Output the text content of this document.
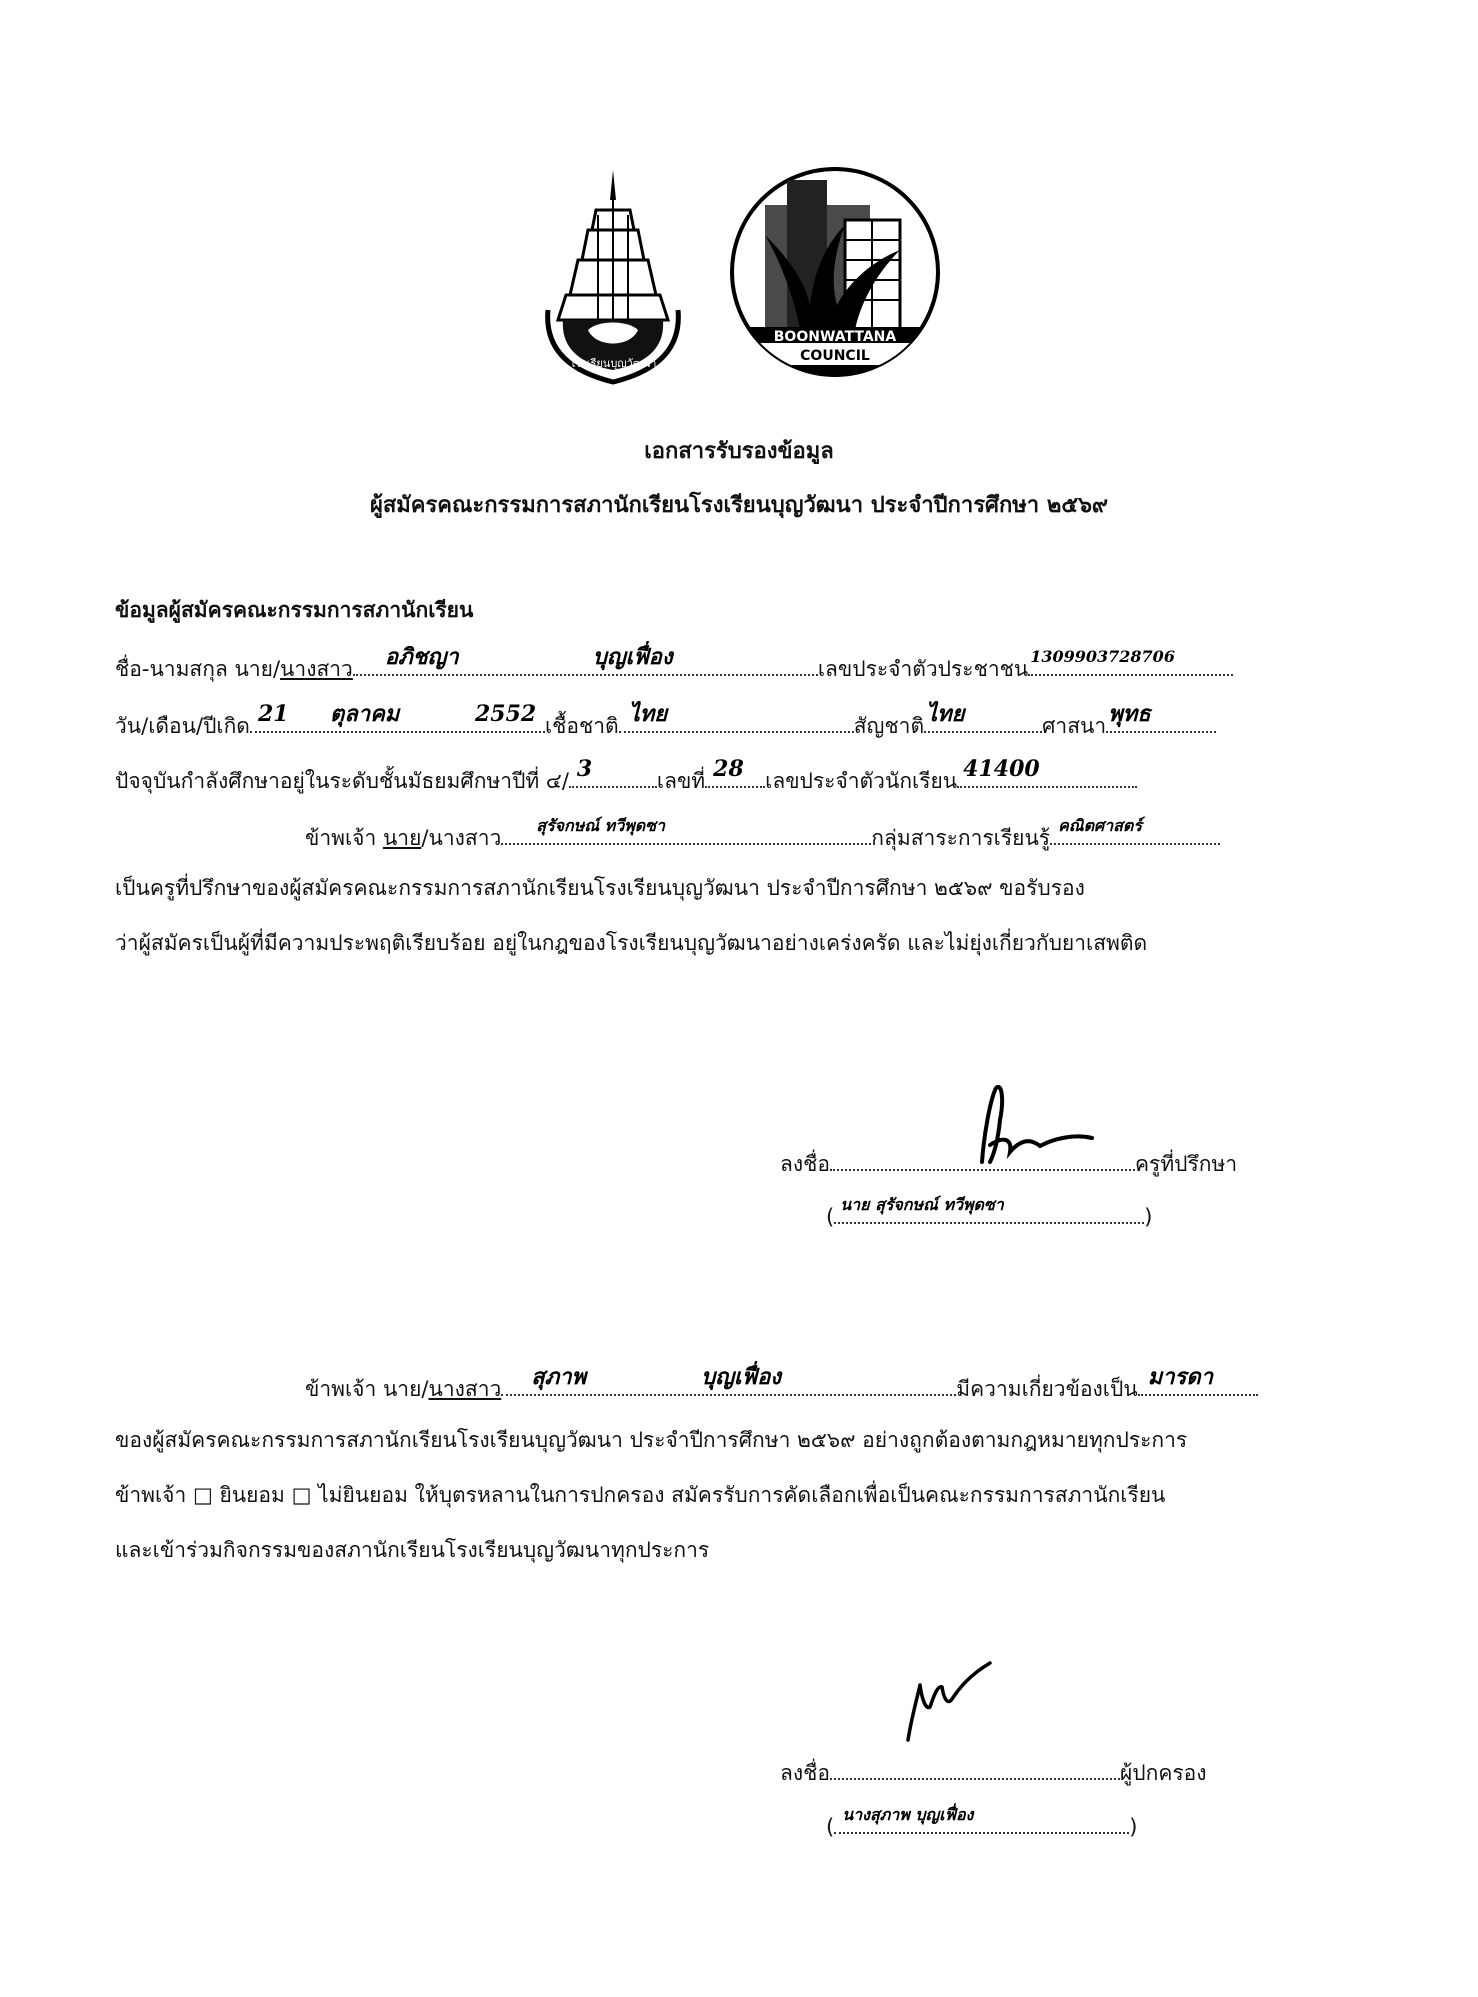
โรงเรียนบุญวัฒนา
BOONWATTANA
COUNCIL
เอกสารรับรองข้อมูล
ผู้สมัครคณะกรรมการสภานักเรียนโรงเรียนบุญวัฒนา ประจำปีการศึกษา ๒๕๖๙
ข้อมูลผู้สมัครคณะกรรมการสภานักเรียน
ชื่อ-นามสกุล นาย/นางสาว อภิชญา	บุญเฟื่อง	เลขประจำตัวประชาชน
1309903728706
วัน/เดือน/ปีเกิด 21 ตุลาคม	2552 เชื้อชาติ ไทย	สัญชาติ ไทย	ศาสนา พุทธ
ปัจจุบันกำลังศึกษาอยู่ในระดับชั้นมัธยมศึกษาปีที่ ๔/ 3	เลขที่ 28 เลขประจำตัวนักเรียน 41400
ข้าพเจ้า นาย/นางสาว
สุรัจกษณ์ ทวีพุดซา
กลุ่มสาระการเรียนรู้
คณิตศาสตร์
เป็นครูที่ปรึกษาของผู้สมัครคณะกรรมการสภานักเรียนโรงเรียนบุญวัฒนา ประจำปีการศึกษา ๒๕๖๙ ขอรับรอง
ว่าผู้สมัครเป็นผู้ที่มีความประพฤติเรียบร้อย อยู่ในกฎของโรงเรียนบุญวัฒนาอย่างเคร่งครัด และไม่ยุ่งเกี่ยวกับยาเสพติด
ลงชื่อ	ครูที่ปรึกษา
(
นาย สุรัจกษณ์ ทวีพุดซา
)
ข้าพเจ้า นาย/นางสาว สุภาพ	บุญเฟื่อง	มีความเกี่ยวข้องเป็น มารดา
ของผู้สมัครคณะกรรมการสภานักเรียนโรงเรียนบุญวัฒนา ประจำปีการศึกษา ๒๕๖๙ อย่างถูกต้องตามกฎหมายทุกประการ
ข้าพเจ้า □ ยินยอม □ ไม่ยินยอม ให้บุตรหลานในการปกครอง สมัครรับการคัดเลือกเพื่อเป็นคณะกรรมการสภานักเรียน
และเข้าร่วมกิจกรรมของสภานักเรียนโรงเรียนบุญวัฒนาทุกประการ
ลงชื่อ	ผู้ปกครอง
(
นางสุภาพ บุญเฟื่อง
)
